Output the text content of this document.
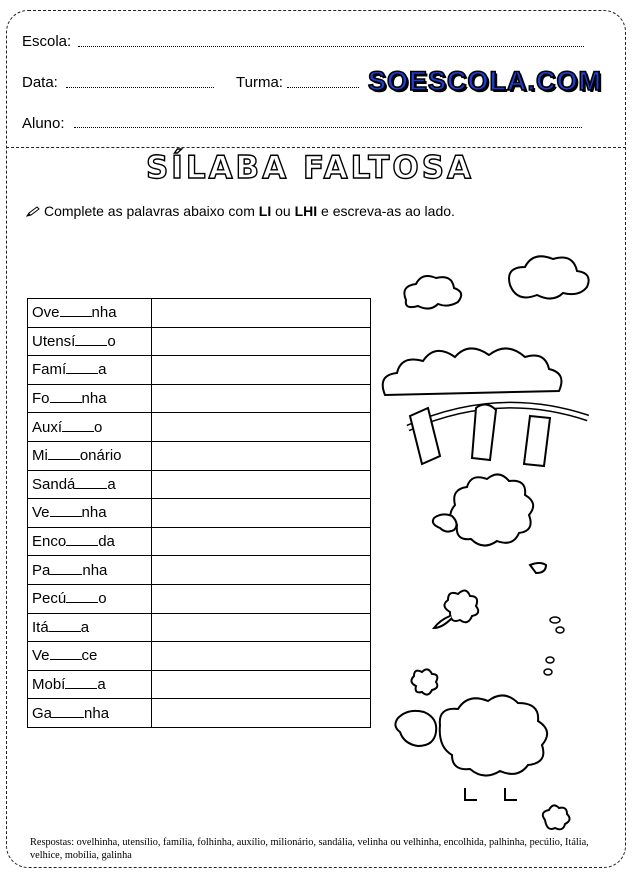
Escola:
Data:	Turma:	SOESCOLA.COM
Aluno:
SÍLABA FALTOSA
Complete as palavras abaixo com LI ou LHI e escreva-as ao lado.
Ove nha	
Utensí o	
Famí a	
Fo nha	
Auxí o	
Mi onário	
Sandá a	
Ve nha	
Enco da	
Pa nha	
Pecú o	
Itá a	
Ve ce	
Mobí a	
Ga nha	
Respostas: ovelhinha, utensílio, família, folhinha, auxílio, milionário, sandália, velinha ou velhinha, encolhida, palhinha, pecúlio, Itália, velhice, mobília, galinha
